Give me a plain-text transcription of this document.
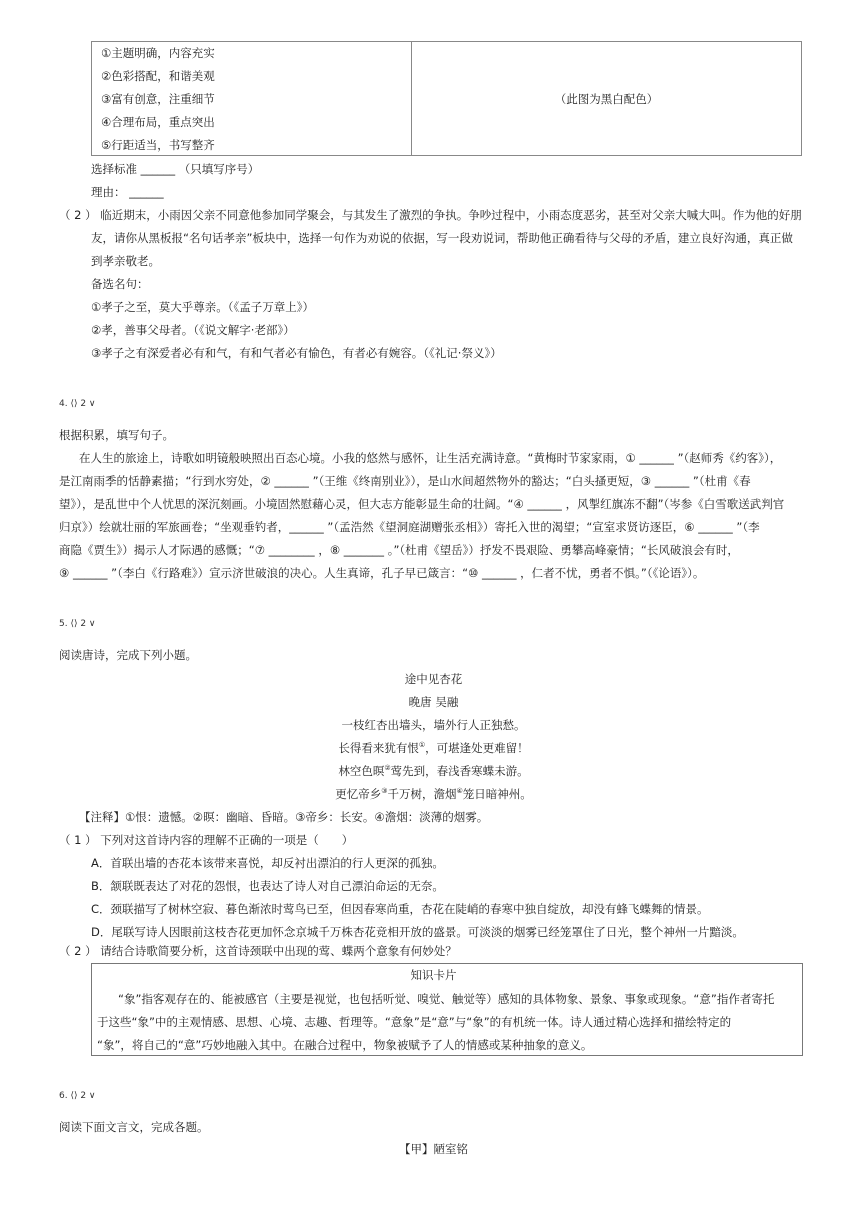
（此图为黑白配色）
①主题明确，内容充实
②色彩搭配，和谐美观
③富有创意，注重细节
④合理布局，重点突出
⑤行距适当，书写整齐
选择标准 ______ （只填写序号）
理由： ______
（ 2 ） 临近期末，小雨因父亲不同意他参加同学聚会，与其发生了激烈的争执。争吵过程中，小雨态度恶劣，甚至对父亲大喊大叫。作为他的好朋
友，请你从黑板报“名句话孝亲”板块中，选择一句作为劝说的依据，写一段劝说词，帮助他正确看待与父母的矛盾，建立良好沟通，真正做
到孝亲敬老。
备选名句：
①孝子之至，莫大乎尊亲。（《孟子万章上》）
②孝，善事父母者。（《说文解字·老部》）
③孝子之有深爱者必有和气，有和气者必有愉色，有者必有婉容。（《礼记·祭义》）
4. ⟨⟩ 2 ∨
根据积累，填写句子。
在人生的旅途上，诗歌如明镜般映照出百态心境。小我的悠然与感怀，让生活充满诗意。“黄梅时节家家雨，① ______ ”（赵师秀《约客》），
是江南雨季的恬静素描；“行到水穷处，② ______ ”（王维《终南别业》），是山水间超然物外的豁达；“白头搔更短，③ ______ ”（杜甫《春
望》），是乱世中个人忧思的深沉刻画。小境固然慰藉心灵，但大志方能彰显生命的壮阔。“④ ______ ，风掣红旗冻不翻”（岑参《白雪歌送武判官
归京》）绘就壮丽的军旅画卷；“坐观垂钓者，______ ”（孟浩然《望洞庭湖赠张丞相》）寄托入世的渴望；“宣室求贤访逐臣，⑥ ______ ”（李
商隐《贾生》）揭示人才际遇的感慨；“⑦ ________ ，⑧ _______ 。”（杜甫《望岳》）抒发不畏艰险、勇攀高峰豪情；“长风破浪会有时，
⑨ ______ ”（李白《行路难》）宣示济世破浪的决心。人生真谛，孔子早已箴言：“⑩ ______ ，仁者不忧，勇者不惧。”（《论语》）。
5. ⟨⟩ 2 ∨
阅读唐诗，完成下列小题。
途中见杏花
晚唐 吴融
一枝红杏出墙头，墙外行人正独愁。
长得看来犹有恨①，可堪逢处更难留！
林空色暝②莺先到，春浅香寒蝶未游。
更忆帝乡③千万树，澹烟④笼日暗神州。
【注释】①恨：遗憾。②暝：幽暗、昏暗。③帝乡：长安。④澹烟：淡薄的烟雾。
（ 1 ） 下列对这首诗内容的理解不正确的一项是（　　）
A．首联出墙的杏花本该带来喜悦，却反衬出漂泊的行人更深的孤独。
B．颔联既表达了对花的怨恨，也表达了诗人对自己漂泊命运的无奈。
C．颈联描写了树林空寂、暮色渐浓时莺鸟已至，但因春寒尚重，杏花在陡峭的春寒中独自绽放，却没有蜂飞蝶舞的情景。
D．尾联写诗人因眼前这枝杏花更加怀念京城千万株杏花竞相开放的盛景。可淡淡的烟雾已经笼罩住了日光，整个神州一片黯淡。
（ 2 ） 请结合诗歌简要分析，这首诗颈联中出现的莺、蝶两个意象有何妙处？
知识卡片
“象”指客观存在的、能被感官（主要是视觉，也包括听觉、嗅觉、触觉等）感知的具体物象、景象、事象或现象。“意”指作者寄托
于这些“象”中的主观情感、思想、心境、志趣、哲理等。“意象”是“意”与“象”的有机统一体。诗人通过精心选择和描绘特定的
“象”，将自己的“意”巧妙地融入其中。在融合过程中，物象被赋予了人的情感或某种抽象的意义。
6. ⟨⟩ 2 ∨
阅读下面文言文，完成各题。
【甲】陋室铭
